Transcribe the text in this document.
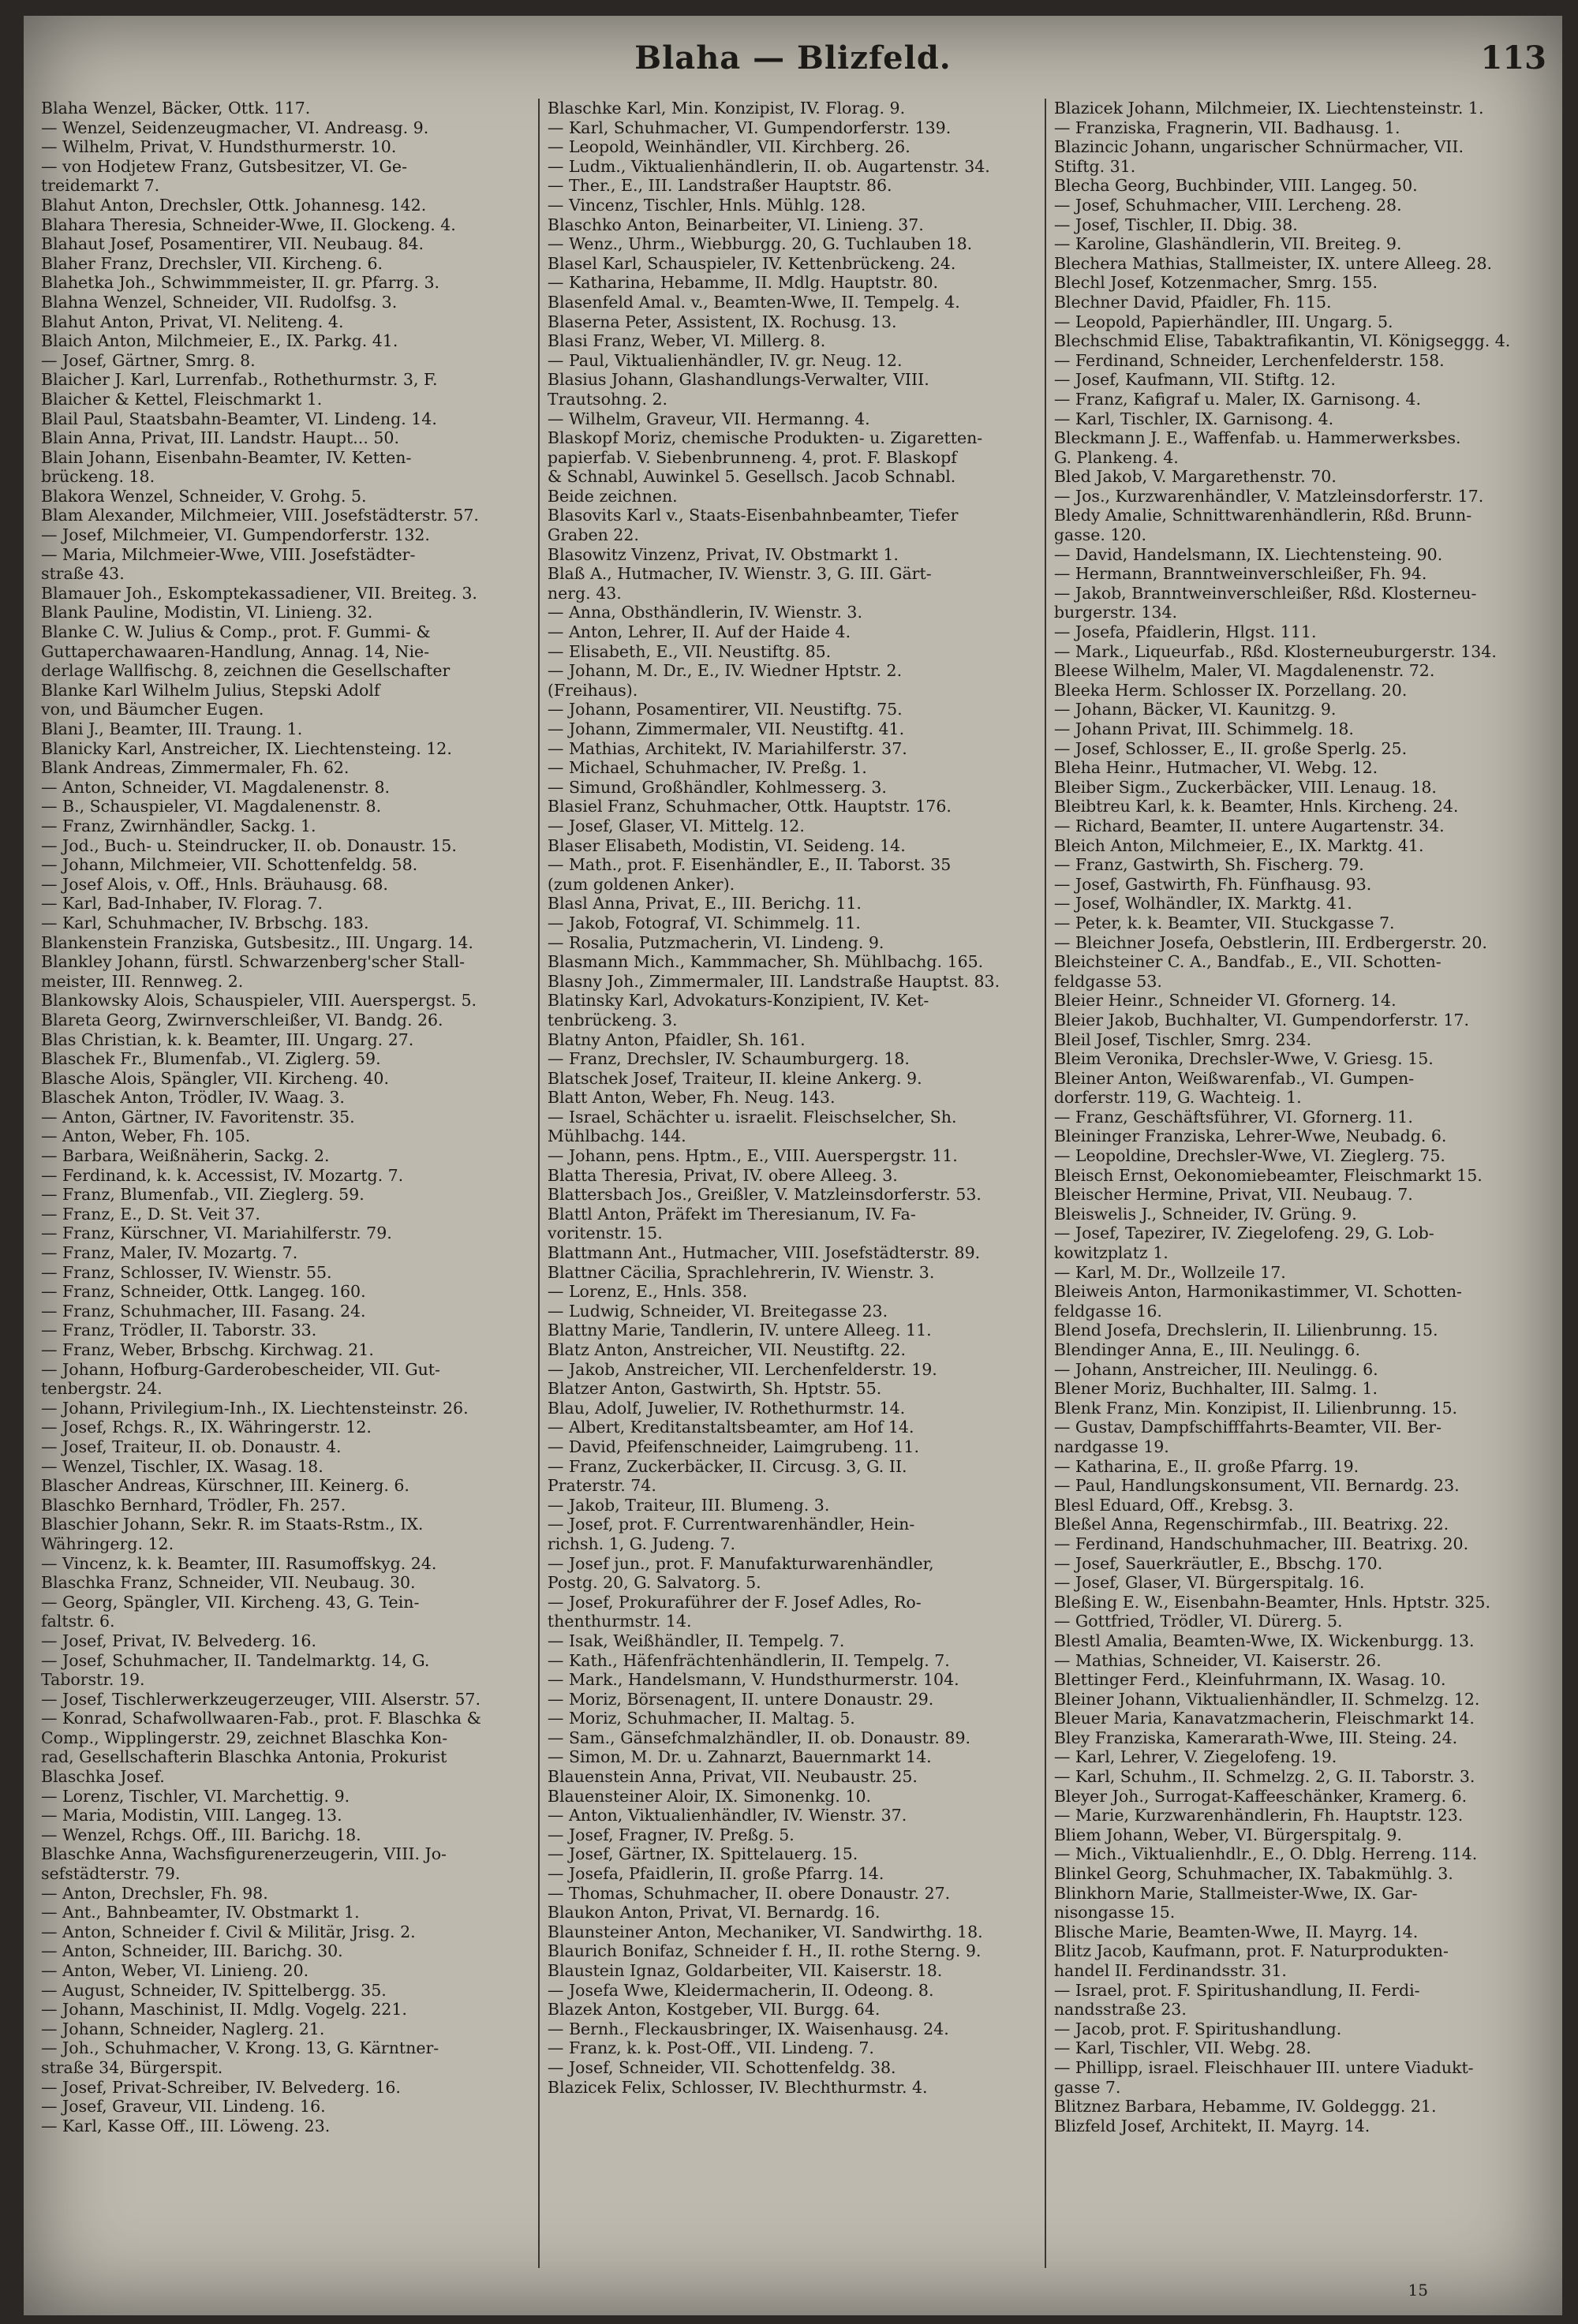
Blaha — Blizfeld.	113

Blaha Wenzel, Bäcker, Ottk. 117.

— Wenzel, Seidenzeugmacher, VI. Andreasg. 9.

— Wilhelm, Privat, V. Hundsthurmerstr. 10.

— von Hodjetew Franz, Gutsbesitzer, VI. Ge-

treidemarkt 7.

Blahut Anton, Drechsler, Ottk. Johannesg. 142.

Blahara Theresia, Schneider-Wwe, II. Glockeng. 4.

Blahaut Josef, Posamentirer, VII. Neubaug. 84.

Blaher Franz, Drechsler, VII. Kircheng. 6.

Blahetka Joh., Schwimmmeister, II. gr. Pfarrg. 3.

Blahna Wenzel, Schneider, VII. Rudolfsg. 3.

Blahut Anton, Privat, VI. Neliteng. 4.

Blaich Anton, Milchmeier, E., IX. Parkg. 41.

— Josef, Gärtner, Smrg. 8.

Blaicher J. Karl, Lurrenfab., Rothethurmstr. 3, F.

Blaicher & Kettel, Fleischmarkt 1.

Blail Paul, Staatsbahn-Beamter, VI. Lindeng. 14.

Blain Anna, Privat, III. Landstr. Haupt... 50.

Blain Johann, Eisenbahn-Beamter, IV. Ketten-

brückeng. 18.

Blakora Wenzel, Schneider, V. Grohg. 5.

Blam Alexander, Milchmeier, VIII. Josefstädterstr. 57.

— Josef, Milchmeier, VI. Gumpendorferstr. 132.

— Maria, Milchmeier-Wwe, VIII. Josefstädter-

straße 43.

Blamauer Joh., Eskomptekassadiener, VII. Breiteg. 3.

Blank Pauline, Modistin, VI. Linieng. 32.

Blanke C. W. Julius & Comp., prot. F. Gummi- &

Guttaperchawaaren-Handlung, Annag. 14, Nie-

derlage Wallfischg. 8, zeichnen die Gesellschafter

Blanke Karl Wilhelm Julius, Stepski Adolf

von, und Bäumcher Eugen.

Blani J., Beamter, III. Traung. 1.

Blanicky Karl, Anstreicher, IX. Liechtensteing. 12.

Blank Andreas, Zimmermaler, Fh. 62.

— Anton, Schneider, VI. Magdalenenstr. 8.

— B., Schauspieler, VI. Magdalenenstr. 8.

— Franz, Zwirnhändler, Sackg. 1.

— Jod., Buch- u. Steindrucker, II. ob. Donaustr. 15.

— Johann, Milchmeier, VII. Schottenfeldg. 58.

— Josef Alois, v. Off., Hnls. Bräuhausg. 68.

— Karl, Bad-Inhaber, IV. Florag. 7.

— Karl, Schuhmacher, IV. Brbschg. 183.

Blankenstein Franziska, Gutsbesitz., III. Ungarg. 14.

Blankley Johann, fürstl. Schwarzenberg'scher Stall-

meister, III. Rennweg. 2.

Blankowsky Alois, Schauspieler, VIII. Auerspergst. 5.

Blareta Georg, Zwirnverschleißer, VI. Bandg. 26.

Blas Christian, k. k. Beamter, III. Ungarg. 27.

Blaschek Fr., Blumenfab., VI. Ziglerg. 59.

Blasche Alois, Spängler, VII. Kircheng. 40.

Blaschek Anton, Trödler, IV. Waag. 3.

— Anton, Gärtner, IV. Favoritenstr. 35.

— Anton, Weber, Fh. 105.

— Barbara, Weißnäherin, Sackg. 2.

— Ferdinand, k. k. Accessist, IV. Mozartg. 7.

— Franz, Blumenfab., VII. Zieglerg. 59.

— Franz, E., D. St. Veit 37.

— Franz, Kürschner, VI. Mariahilferstr. 79.

— Franz, Maler, IV. Mozartg. 7.

— Franz, Schlosser, IV. Wienstr. 55.

— Franz, Schneider, Ottk. Langeg. 160.

— Franz, Schuhmacher, III. Fasang. 24.

— Franz, Trödler, II. Taborstr. 33.

— Franz, Weber, Brbschg. Kirchwag. 21.

— Johann, Hofburg-Garderobescheider, VII. Gut-

tenbergstr. 24.

— Johann, Privilegium-Inh., IX. Liechtensteinstr. 26.

— Josef, Rchgs. R., IX. Währingerstr. 12.

— Josef, Traiteur, II. ob. Donaustr. 4.

— Wenzel, Tischler, IX. Wasag. 18.

Blascher Andreas, Kürschner, III. Keinerg. 6.

Blaschko Bernhard, Trödler, Fh. 257.

Blaschier Johann, Sekr. R. im Staats-Rstm., IX.

Währingerg. 12.

— Vincenz, k. k. Beamter, III. Rasumoffskyg. 24.

Blaschka Franz, Schneider, VII. Neubaug. 30.

— Georg, Spängler, VII. Kircheng. 43, G. Tein-

faltstr. 6.

— Josef, Privat, IV. Belvederg. 16.

— Josef, Schuhmacher, II. Tandelmarktg. 14, G.

Taborstr. 19.

— Josef, Tischlerwerkzeugerzeuger, VIII. Alserstr. 57.

— Konrad, Schafwollwaaren-Fab., prot. F. Blaschka &

Comp., Wipplingerstr. 29, zeichnet Blaschka Kon-

rad, Gesellschafterin Blaschka Antonia, Prokurist

Blaschka Josef.

— Lorenz, Tischler, VI. Marchettig. 9.

— Maria, Modistin, VIII. Langeg. 13.

— Wenzel, Rchgs. Off., III. Barichg. 18.

Blaschke Anna, Wachsfigurenerzeugerin, VIII. Jo-

sefstädterstr. 79.

— Anton, Drechsler, Fh. 98.

— Ant., Bahnbeamter, IV. Obstmarkt 1.

— Anton, Schneider f. Civil & Militär, Jrisg. 2.

— Anton, Schneider, III. Barichg. 30.

— Anton, Weber, VI. Linieng. 20.

— August, Schneider, IV. Spittelbergg. 35.

— Johann, Maschinist, II. Mdlg. Vogelg. 221.

— Johann, Schneider, Naglerg. 21.

— Joh., Schuhmacher, V. Krong. 13, G. Kärntner-

straße 34, Bürgerspit.

— Josef, Privat-Schreiber, IV. Belvederg. 16.

— Josef, Graveur, VII. Lindeng. 16.

— Karl, Kasse Off., III. Löweng. 23.

Blaschke Karl, Min. Konzipist, IV. Florag. 9.

— Karl, Schuhmacher, VI. Gumpendorferstr. 139.

— Leopold, Weinhändler, VII. Kirchberg. 26.

— Ludm., Viktualienhändlerin, II. ob. Augartenstr. 34.

— Ther., E., III. Landstraßer Hauptstr. 86.

— Vincenz, Tischler, Hnls. Mühlg. 128.

Blaschko Anton, Beinarbeiter, VI. Linieng. 37.

— Wenz., Uhrm., Wiebburgg. 20, G. Tuchlauben 18.

Blasel Karl, Schauspieler, IV. Kettenbrückeng. 24.

— Katharina, Hebamme, II. Mdlg. Hauptstr. 80.

Blasenfeld Amal. v., Beamten-Wwe, II. Tempelg. 4.

Blaserna Peter, Assistent, IX. Rochusg. 13.

Blasi Franz, Weber, VI. Millerg. 8.

— Paul, Viktualienhändler, IV. gr. Neug. 12.

Blasius Johann, Glashandlungs-Verwalter, VIII.

Trautsohng. 2.

— Wilhelm, Graveur, VII. Hermanng. 4.

Blaskopf Moriz, chemische Produkten- u. Zigaretten-

papierfab. V. Siebenbrunneng. 4, prot. F. Blaskopf

& Schnabl, Auwinkel 5. Gesellsch. Jacob Schnabl.

Beide zeichnen.

Blasovits Karl v., Staats-Eisenbahnbeamter, Tiefer

Graben 22.

Blasowitz Vinzenz, Privat, IV. Obstmarkt 1.

Blaß A., Hutmacher, IV. Wienstr. 3, G. III. Gärt-

nerg. 43.

— Anna, Obsthändlerin, IV. Wienstr. 3.

— Anton, Lehrer, II. Auf der Haide 4.

— Elisabeth, E., VII. Neustiftg. 85.

— Johann, M. Dr., E., IV. Wiedner Hptstr. 2.

(Freihaus).

— Johann, Posamentirer, VII. Neustiftg. 75.

— Johann, Zimmermaler, VII. Neustiftg. 41.

— Mathias, Architekt, IV. Mariahilferstr. 37.

— Michael, Schuhmacher, IV. Preßg. 1.

— Simund, Großhändler, Kohlmesserg. 3.

Blasiel Franz, Schuhmacher, Ottk. Hauptstr. 176.

— Josef, Glaser, VI. Mittelg. 12.

Blaser Elisabeth, Modistin, VI. Seideng. 14.

— Math., prot. F. Eisenhändler, E., II. Taborst. 35

(zum goldenen Anker).

Blasl Anna, Privat, E., III. Berichg. 11.

— Jakob, Fotograf, VI. Schimmelg. 11.

— Rosalia, Putzmacherin, VI. Lindeng. 9.

Blasmann Mich., Kammmacher, Sh. Mühlbachg. 165.

Blasny Joh., Zimmermaler, III. Landstraße Hauptst. 83.

Blatinsky Karl, Advokaturs-Konzipient, IV. Ket-

tenbrückeng. 3.

Blatny Anton, Pfaidler, Sh. 161.

— Franz, Drechsler, IV. Schaumburgerg. 18.

Blatschek Josef, Traiteur, II. kleine Ankerg. 9.

Blatt Anton, Weber, Fh. Neug. 143.

— Israel, Schächter u. israelit. Fleischselcher, Sh.

Mühlbachg. 144.

— Johann, pens. Hptm., E., VIII. Auerspergstr. 11.

Blatta Theresia, Privat, IV. obere Alleeg. 3.

Blattersbach Jos., Greißler, V. Matzleinsdorferstr. 53.

Blattl Anton, Präfekt im Theresianum, IV. Fa-

voritenstr. 15.

Blattmann Ant., Hutmacher, VIII. Josefstädterstr. 89.

Blattner Cäcilia, Sprachlehrerin, IV. Wienstr. 3.

— Lorenz, E., Hnls. 358.

— Ludwig, Schneider, VI. Breitegasse 23.

Blattny Marie, Tandlerin, IV. untere Alleeg. 11.

Blatz Anton, Anstreicher, VII. Neustiftg. 22.

— Jakob, Anstreicher, VII. Lerchenfelderstr. 19.

Blatzer Anton, Gastwirth, Sh. Hptstr. 55.

Blau, Adolf, Juwelier, IV. Rothethurmstr. 14.

— Albert, Kreditanstaltsbeamter, am Hof 14.

— David, Pfeifenschneider, Laimgrubeng. 11.

— Franz, Zuckerbäcker, II. Circusg. 3, G. II.

Praterstr. 74.

— Jakob, Traiteur, III. Blumeng. 3.

— Josef, prot. F. Currentwarenhändler, Hein-

richsh. 1, G. Judeng. 7.

— Josef jun., prot. F. Manufakturwarenhändler,

Postg. 20, G. Salvatorg. 5.

— Josef, Prokuraführer der F. Josef Adles, Ro-

thenthurmstr. 14.

— Isak, Weißhändler, II. Tempelg. 7.

— Kath., Häfenfrächtenhändlerin, II. Tempelg. 7.

— Mark., Handelsmann, V. Hundsthurmerstr. 104.

— Moriz, Börsenagent, II. untere Donaustr. 29.

— Moriz, Schuhmacher, II. Maltag. 5.

— Sam., Gänsefchmalzhändler, II. ob. Donaustr. 89.

— Simon, M. Dr. u. Zahnarzt, Bauernmarkt 14.

Blauenstein Anna, Privat, VII. Neubaustr. 25.

Blauensteiner Aloir, IX. Simonenkg. 10.

— Anton, Viktualienhändler, IV. Wienstr. 37.

— Josef, Fragner, IV. Preßg. 5.

— Josef, Gärtner, IX. Spittelauerg. 15.

— Josefa, Pfaidlerin, II. große Pfarrg. 14.

— Thomas, Schuhmacher, II. obere Donaustr. 27.

Blaukon Anton, Privat, VI. Bernardg. 16.

Blaunsteiner Anton, Mechaniker, VI. Sandwirthg. 18.

Blaurich Bonifaz, Schneider f. H., II. rothe Sterng. 9.

Blaustein Ignaz, Goldarbeiter, VII. Kaiserstr. 18.

— Josefa Wwe, Kleidermacherin, II. Odeong. 8.

Blazek Anton, Kostgeber, VII. Burgg. 64.

— Bernh., Fleckausbringer, IX. Waisenhausg. 24.

— Franz, k. k. Post-Off., VII. Lindeng. 7.

— Josef, Schneider, VII. Schottenfeldg. 38.

Blazicek Felix, Schlosser, IV. Blechthurmstr. 4.

Blazicek Johann, Milchmeier, IX. Liechtensteinstr. 1.

— Franziska, Fragnerin, VII. Badhausg. 1.

Blazincic Johann, ungarischer Schnürmacher, VII.

Stiftg. 31.

Blecha Georg, Buchbinder, VIII. Langeg. 50.

— Josef, Schuhmacher, VIII. Lercheng. 28.

— Josef, Tischler, II. Dbig. 38.

— Karoline, Glashändlerin, VII. Breiteg. 9.

Blechera Mathias, Stallmeister, IX. untere Alleeg. 28.

Blechl Josef, Kotzenmacher, Smrg. 155.

Blechner David, Pfaidler, Fh. 115.

— Leopold, Papierhändler, III. Ungarg. 5.

Blechschmid Elise, Tabaktrafikantin, VI. Königseggg. 4.

— Ferdinand, Schneider, Lerchenfelderstr. 158.

— Josef, Kaufmann, VII. Stiftg. 12.

— Franz, Kafigraf u. Maler, IX. Garnisong. 4.

— Karl, Tischler, IX. Garnisong. 4.

Bleckmann J. E., Waffenfab. u. Hammerwerksbes.

G. Plankeng. 4.

Bled Jakob, V. Margarethenstr. 70.

— Jos., Kurzwarenhändler, V. Matzleinsdorferstr. 17.

Bledy Amalie, Schnittwarenhändlerin, Rßd. Brunn-

gasse. 120.

— David, Handelsmann, IX. Liechtensteing. 90.

— Hermann, Branntweinverschleißer, Fh. 94.

— Jakob, Branntweinverschleißer, Rßd. Klosterneu-

burgerstr. 134.

— Josefa, Pfaidlerin, Hlgst. 111.

— Mark., Liqueurfab., Rßd. Klosterneuburgerstr. 134.

Bleese Wilhelm, Maler, VI. Magdalenenstr. 72.

Bleeka Herm. Schlosser IX. Porzellang. 20.

— Johann, Bäcker, VI. Kaunitzg. 9.

— Johann Privat, III. Schimmelg. 18.

— Josef, Schlosser, E., II. große Sperlg. 25.

Bleha Heinr., Hutmacher, VI. Webg. 12.

Bleiber Sigm., Zuckerbäcker, VIII. Lenaug. 18.

Bleibtreu Karl, k. k. Beamter, Hnls. Kircheng. 24.

— Richard, Beamter, II. untere Augartenstr. 34.

Bleich Anton, Milchmeier, E., IX. Marktg. 41.

— Franz, Gastwirth, Sh. Fischerg. 79.

— Josef, Gastwirth, Fh. Fünfhausg. 93.

— Josef, Wolhändler, IX. Marktg. 41.

— Peter, k. k. Beamter, VII. Stuckgasse 7.

— Bleichner Josefa, Oebstlerin, III. Erdbergerstr. 20.

Bleichsteiner C. A., Bandfab., E., VII. Schotten-

feldgasse 53.

Bleier Heinr., Schneider VI. Gfornerg. 14.

Bleier Jakob, Buchhalter, VI. Gumpendorferstr. 17.

Bleil Josef, Tischler, Smrg. 234.

Bleim Veronika, Drechsler-Wwe, V. Griesg. 15.

Bleiner Anton, Weißwarenfab., VI. Gumpen-

dorferstr. 119, G. Wachteig. 1.

— Franz, Geschäftsführer, VI. Gfornerg. 11.

Bleininger Franziska, Lehrer-Wwe, Neubadg. 6.

— Leopoldine, Drechsler-Wwe, VI. Zieglerg. 75.

Bleisch Ernst, Oekonomiebeamter, Fleischmarkt 15.

Bleischer Hermine, Privat, VII. Neubaug. 7.

Bleiswelis J., Schneider, IV. Grüng. 9.

— Josef, Tapezirer, IV. Ziegelofeng. 29, G. Lob-

kowitzplatz 1.

— Karl, M. Dr., Wollzeile 17.

Bleiweis Anton, Harmonikastimmer, VI. Schotten-

feldgasse 16.

Blend Josefa, Drechslerin, II. Lilienbrunng. 15.

Blendinger Anna, E., III. Neulingg. 6.

— Johann, Anstreicher, III. Neulingg. 6.

Blener Moriz, Buchhalter, III. Salmg. 1.

Blenk Franz, Min. Konzipist, II. Lilienbrunng. 15.

— Gustav, Dampfschifffahrts-Beamter, VII. Ber-

nardgasse 19.

— Katharina, E., II. große Pfarrg. 19.

— Paul, Handlungskonsument, VII. Bernardg. 23.

Blesl Eduard, Off., Krebsg. 3.

Bleßel Anna, Regenschirmfab., III. Beatrixg. 22.

— Ferdinand, Handschuhmacher, III. Beatrixg. 20.

— Josef, Sauerkräutler, E., Bbschg. 170.

— Josef, Glaser, VI. Bürgerspitalg. 16.

Bleßing E. W., Eisenbahn-Beamter, Hnls. Hptstr. 325.

— Gottfried, Trödler, VI. Dürerg. 5.

Blestl Amalia, Beamten-Wwe, IX. Wickenburgg. 13.

— Mathias, Schneider, VI. Kaiserstr. 26.

Blettinger Ferd., Kleinfuhrmann, IX. Wasag. 10.

Bleiner Johann, Viktualienhändler, II. Schmelzg. 12.

Bleuer Maria, Kanavatzmacherin, Fleischmarkt 14.

Bley Franziska, Kamerarath-Wwe, III. Steing. 24.

— Karl, Lehrer, V. Ziegelofeng. 19.

— Karl, Schuhm., II. Schmelzg. 2, G. II. Taborstr. 3.

Bleyer Joh., Surrogat-Kaffeeschänker, Kramerg. 6.

— Marie, Kurzwarenhändlerin, Fh. Hauptstr. 123.

Bliem Johann, Weber, VI. Bürgerspitalg. 9.

— Mich., Viktualienhdlr., E., O. Dblg. Herreng. 114.

Blinkel Georg, Schuhmacher, IX. Tabakmühlg. 3.

Blinkhorn Marie, Stallmeister-Wwe, IX. Gar-

nisongasse 15.

Blische Marie, Beamten-Wwe, II. Mayrg. 14.

Blitz Jacob, Kaufmann, prot. F. Naturprodukten-

handel II. Ferdinandsstr. 31.

— Israel, prot. F. Spiritushandlung, II. Ferdi-

nandsstraße 23.

— Jacob, prot. F. Spiritushandlung.

— Karl, Tischler, VII. Webg. 28.

— Phillipp, israel. Fleischhauer III. untere Viadukt-

gasse 7.

Blitznez Barbara, Hebamme, IV. Goldeggg. 21.

Blizfeld Josef, Architekt, II. Mayrg. 14.

15
